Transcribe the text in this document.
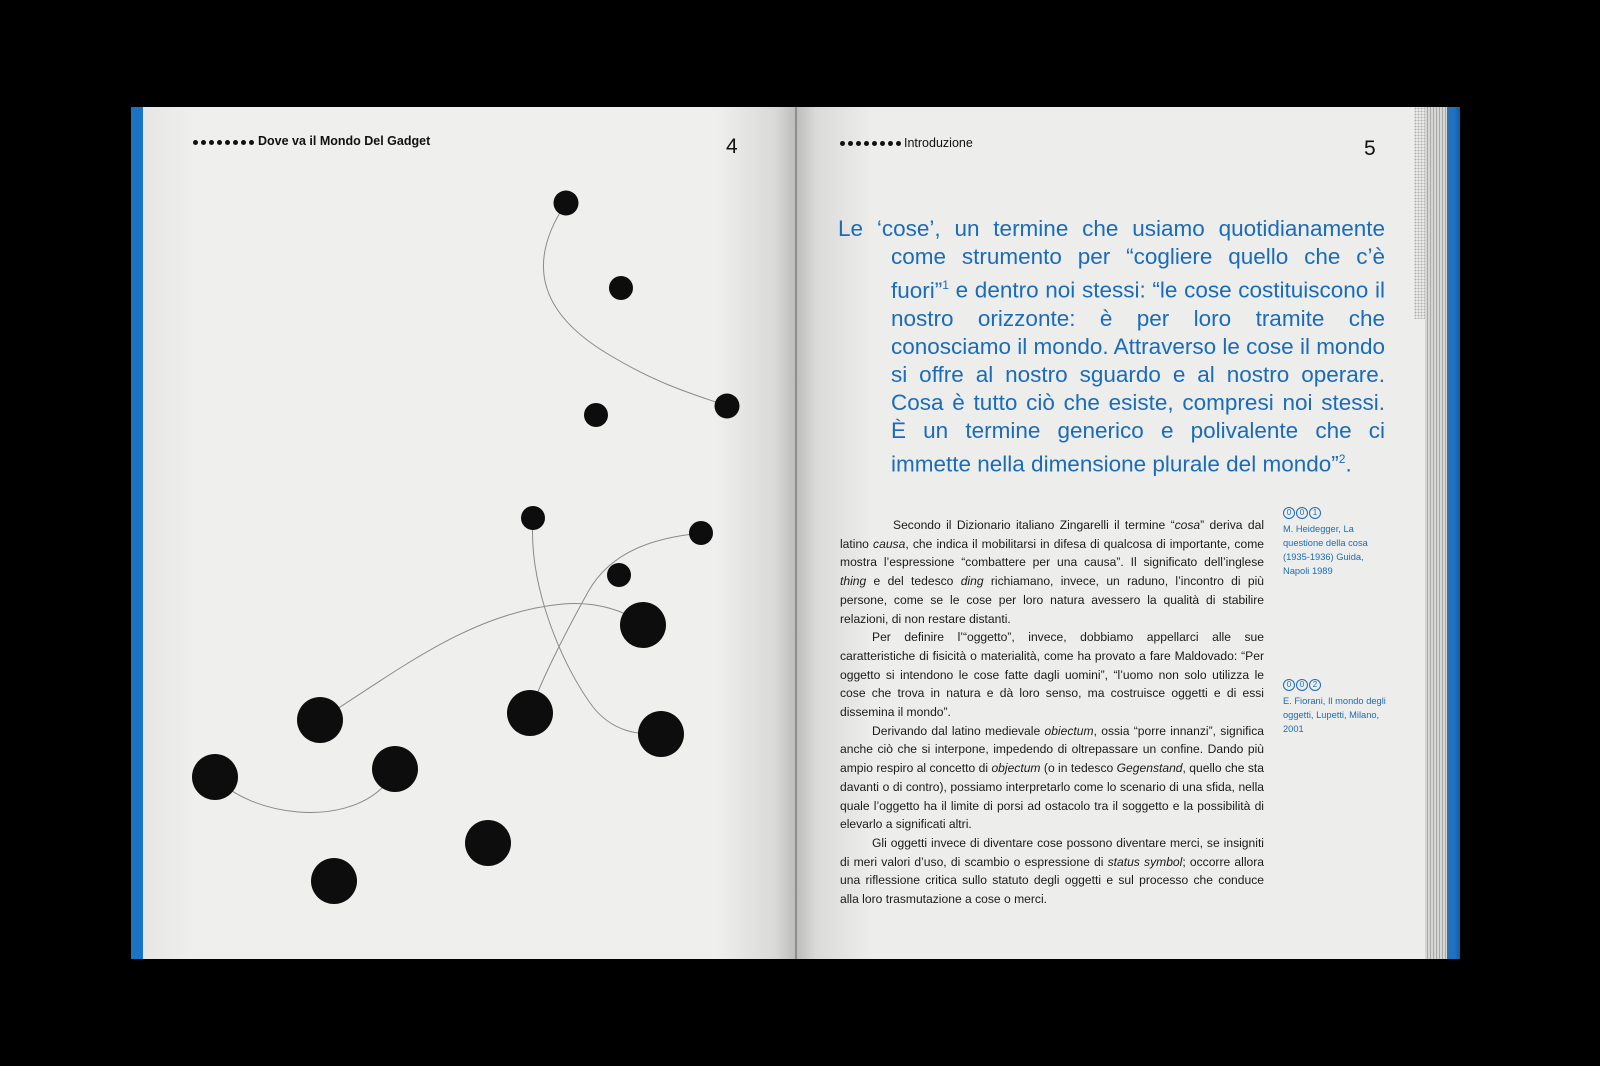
Dove va il Mondo Del Gadget	4	Introduzione	5
Le ‘cose’, un termine che usiamo quotidianamente come strumento per “cogliere quello che c’è fuori”$^1$ e dentro noi stessi: “le cose costituiscono il nostro orizzonte: è per loro tramite che conosciamo il mondo. Attraverso le cose il mondo si offre al nostro sguardo e al nostro operare. Cosa è tutto ciò che esiste, compresi noi stessi. È un termine generico e polivalente che ci immette nella dimensione plurale del mondo”$^2$.

Secondo il Dizionario italiano Zingarelli il termine “cosa” deriva dal latino causa, che indica il mobilitarsi in difesa di qualcosa di importante, come mostra l’espressione “combattere per una causa”. Il significato dell’inglese thing e del tedesco ding richiamano, invece, un raduno, l’incontro di più persone, come se le cose per loro natura avessero la qualità di stabilire relazioni, di non restare distanti.

Per definire l’“oggetto”, invece, dobbiamo appellarci alle sue caratteristiche di fisicità o materialità, come ha provato a fare Maldovado: “Per oggetto si intendono le cose fatte dagli uomini”, “l’uomo non solo utilizza le cose che trova in natura e dà loro senso, ma costruisce oggetti e di essi dissemina il mondo”.

Derivando dal latino medievale obiectum, ossia “porre innanzi”, significa anche ciò che si interpone, impedendo di oltrepassare un confine. Dando più ampio respiro al concetto di objectum (o in tedesco Gegenstand, quello che sta davanti o di contro), possiamo interpretarlo come lo scenario di una sfida, nella quale l’oggetto ha il limite di porsi ad ostacolo tra il soggetto e la possibilità di elevarlo a significati altri.

Gli oggetti invece di diventare cose possono diventare merci, se insigniti di meri valori d’uso, di scambio o espressione di status symbol; occorre allora una riflessione critica sullo statuto degli oggetti e sul processo che conduce alla loro trasmutazione a cose o merci.

0	0	1
M. Heidegger, La questione della cosa (1935-1936) Guida, Napoli 1989
0	0	2
E. Fiorani, Il mondo degli oggetti, Lupetti, Milano, 2001
